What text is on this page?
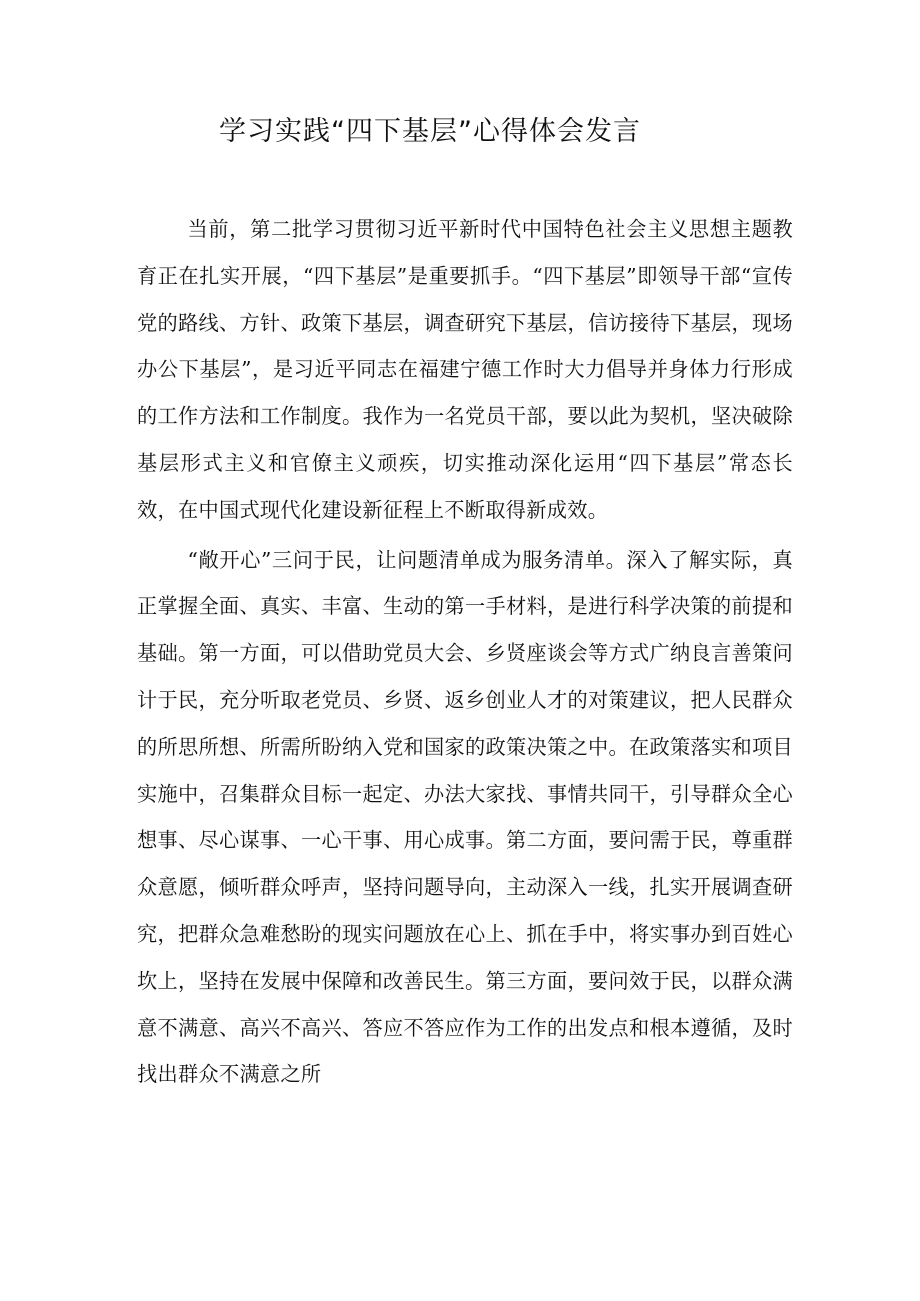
学习实践“四下基层”心得体会发言

当前，第二批学习贯彻习近平新时代中国特色社会主义思想主题教育正在扎实开展，“四下基层”是重要抓手。“四下基层”即领导干部“宣传党的路线、方针、政策下基层，调查研究下基层，信访接待下基层，现场办公下基层”，是习近平同志在福建宁德工作时大力倡导并身体力行形成的工作方法和工作制度。我作为一名党员干部，要以此为契机，坚决破除基层形式主义和官僚主义顽疾，切实推动深化运用“四下基层”常态长效，在中国式现代化建设新征程上不断取得新成效。

“敞开心”三问于民，让问题清单成为服务清单。深入了解实际，真正掌握全面、真实、丰富、生动的第一手材料，是进行科学决策的前提和基础。第一方面，可以借助党员大会、乡贤座谈会等方式广纳良言善策问计于民，充分听取老党员、乡贤、返乡创业人才的对策建议，把人民群众的所思所想、所需所盼纳入党和国家的政策决策之中。在政策落实和项目实施中，召集群众目标一起定、办法大家找、事情共同干，引导群众全心想事、尽心谋事、一心干事、用心成事。第二方面，要问需于民，尊重群众意愿，倾听群众呼声，坚持问题导向，主动深入一线，扎实开展调查研究，把群众急难愁盼的现实问题放在心上、抓在手中，将实事办到百姓心坎上，坚持在发展中保障和改善民生。第三方面，要问效于民，以群众满意不满意、高兴不高兴、答应不答应作为工作的出发点和根本遵循，及时找出群众不满意之所
